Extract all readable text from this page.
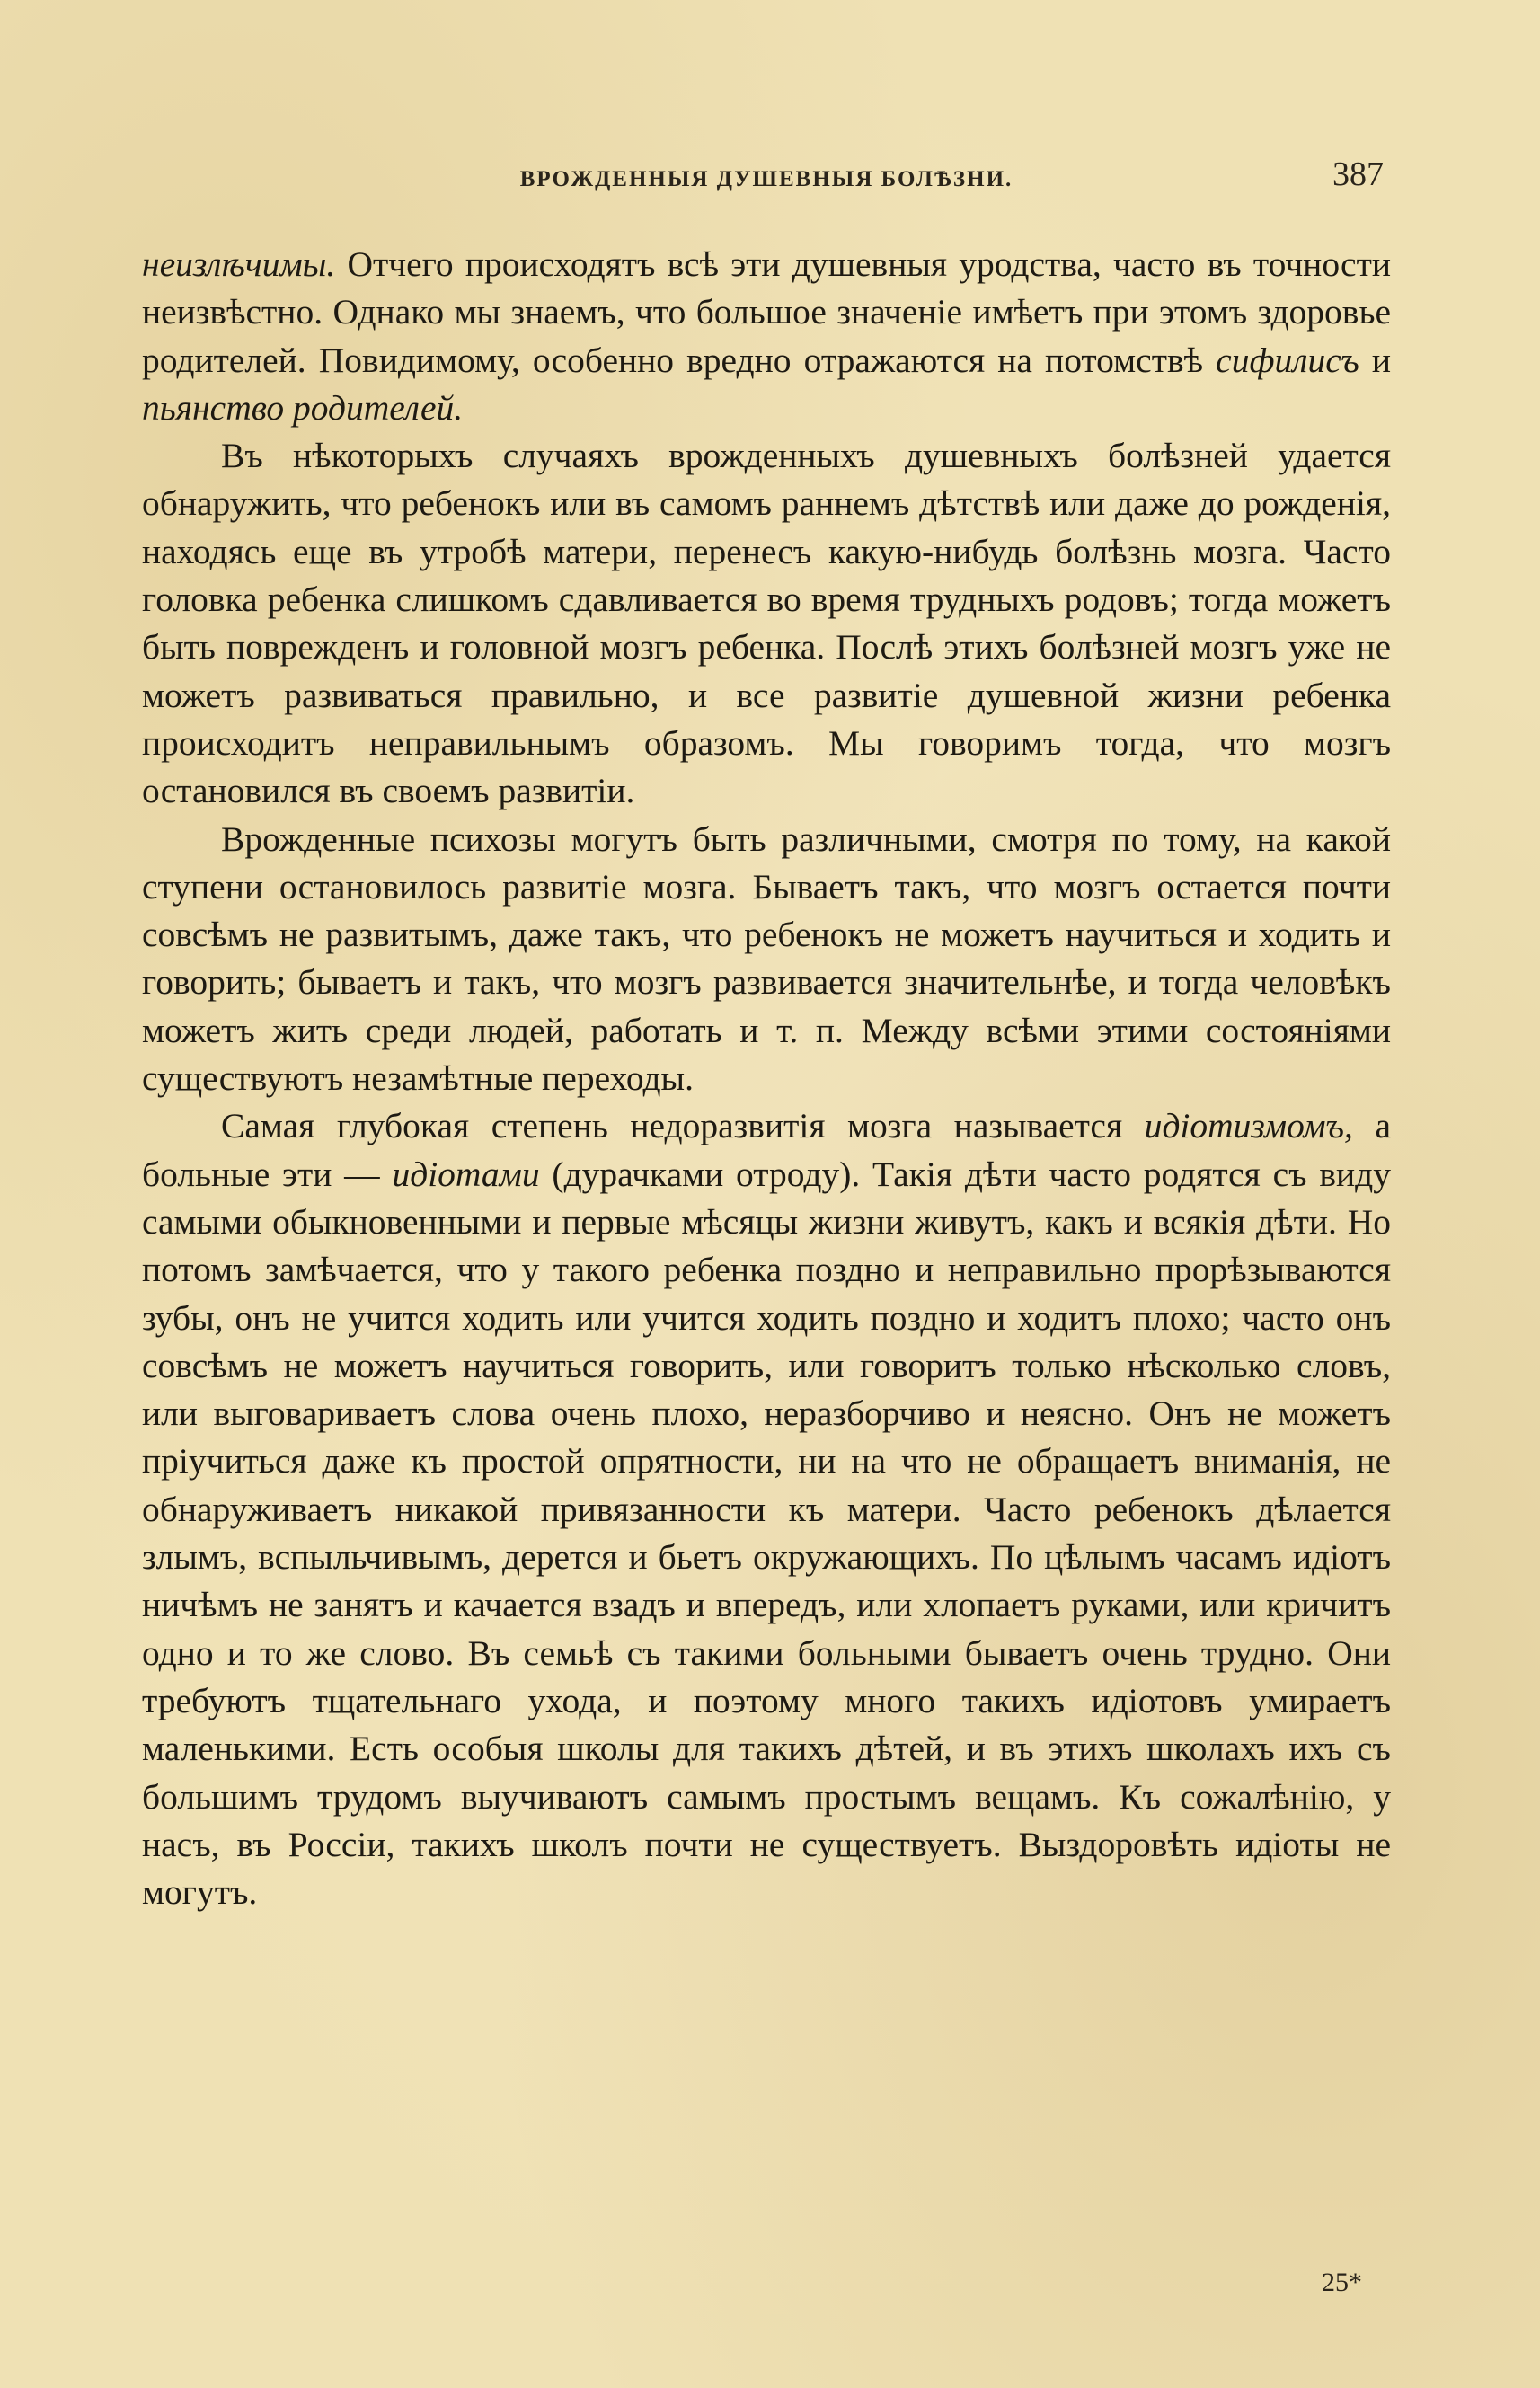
ВРОЖДЕННЫЯ ДУШЕВНЫЯ БОЛѢЗНИ.	387

неизлѣчимы. Отчего происходятъ всѣ эти душевныя уродства, часто въ точности неизвѣстно. Однако мы знаемъ, что большое значенiе имѣетъ при этомъ здоровье родителей. Повидимому, особенно вредно отражаются на потомствѣ сифилисъ и пьянство родителей.

Въ нѣкоторыхъ случаяхъ врожденныхъ душевныхъ болѣзней удается обнаружить, что ребенокъ или въ самомъ раннемъ дѣтствѣ или даже до рожденiя, находясь еще въ утробѣ матери, перенесъ какую-нибудь болѣзнь мозга. Часто головка ребенка слишкомъ сдавливается во время трудныхъ родовъ; тогда можетъ быть поврежденъ и головной мозгъ ребенка. Послѣ этихъ болѣзней мозгъ уже не можетъ развиваться правильно, и все развитiе душевной жизни ребенка происходитъ неправильнымъ образомъ. Мы говоримъ тогда, что мозгъ остановился въ своемъ развитiи.

Врожденные психозы могутъ быть различными, смотря по тому, на какой ступени остановилось развитiе мозга. Бываетъ такъ, что мозгъ остается почти совсѣмъ не развитымъ, даже такъ, что ребенокъ не можетъ научиться и ходить и говорить; бываетъ и такъ, что мозгъ развивается значительнѣе, и тогда человѣкъ можетъ жить среди людей, работать и т. п. Между всѣми этими состоянiями существуютъ незамѣтные переходы.

Самая глубокая степень недоразвитiя мозга называется идiотизмомъ, а больные эти — идiотами (дурачками отроду). Такiя дѣти часто родятся съ виду самыми обыкновенными и первые мѣсяцы жизни живутъ, какъ и всякiя дѣти. Но потомъ замѣчается, что у такого ребенка поздно и неправильно прорѣзываются зубы, онъ не учится ходить или учится ходить поздно и ходитъ плохо; часто онъ совсѣмъ не можетъ научиться говорить, или говоритъ только нѣсколько словъ, или выговариваетъ слова очень плохо, неразборчиво и неясно. Онъ не можетъ прiучиться даже къ простой опрятности, ни на что не обращаетъ вниманiя, не обнаруживаетъ никакой привязанности къ матери. Часто ребенокъ дѣлается злымъ, вспыльчивымъ, дерется и бьетъ окружающихъ. По цѣлымъ часамъ идiотъ ничѣмъ не занятъ и качается взадъ и впередъ, или хлопаетъ руками, или кричитъ одно и то же слово. Въ семьѣ съ такими больными бываетъ очень трудно. Они требуютъ тщательнаго ухода, и поэтому много такихъ идiотовъ умираетъ маленькими. Есть особыя школы для такихъ дѣтей, и въ этихъ школахъ ихъ съ большимъ трудомъ выучиваютъ самымъ простымъ вещамъ. Къ сожалѣнiю, у насъ, въ Россiи, такихъ школъ почти не существуетъ. Выздоровѣть идiоты не могутъ.

25*
